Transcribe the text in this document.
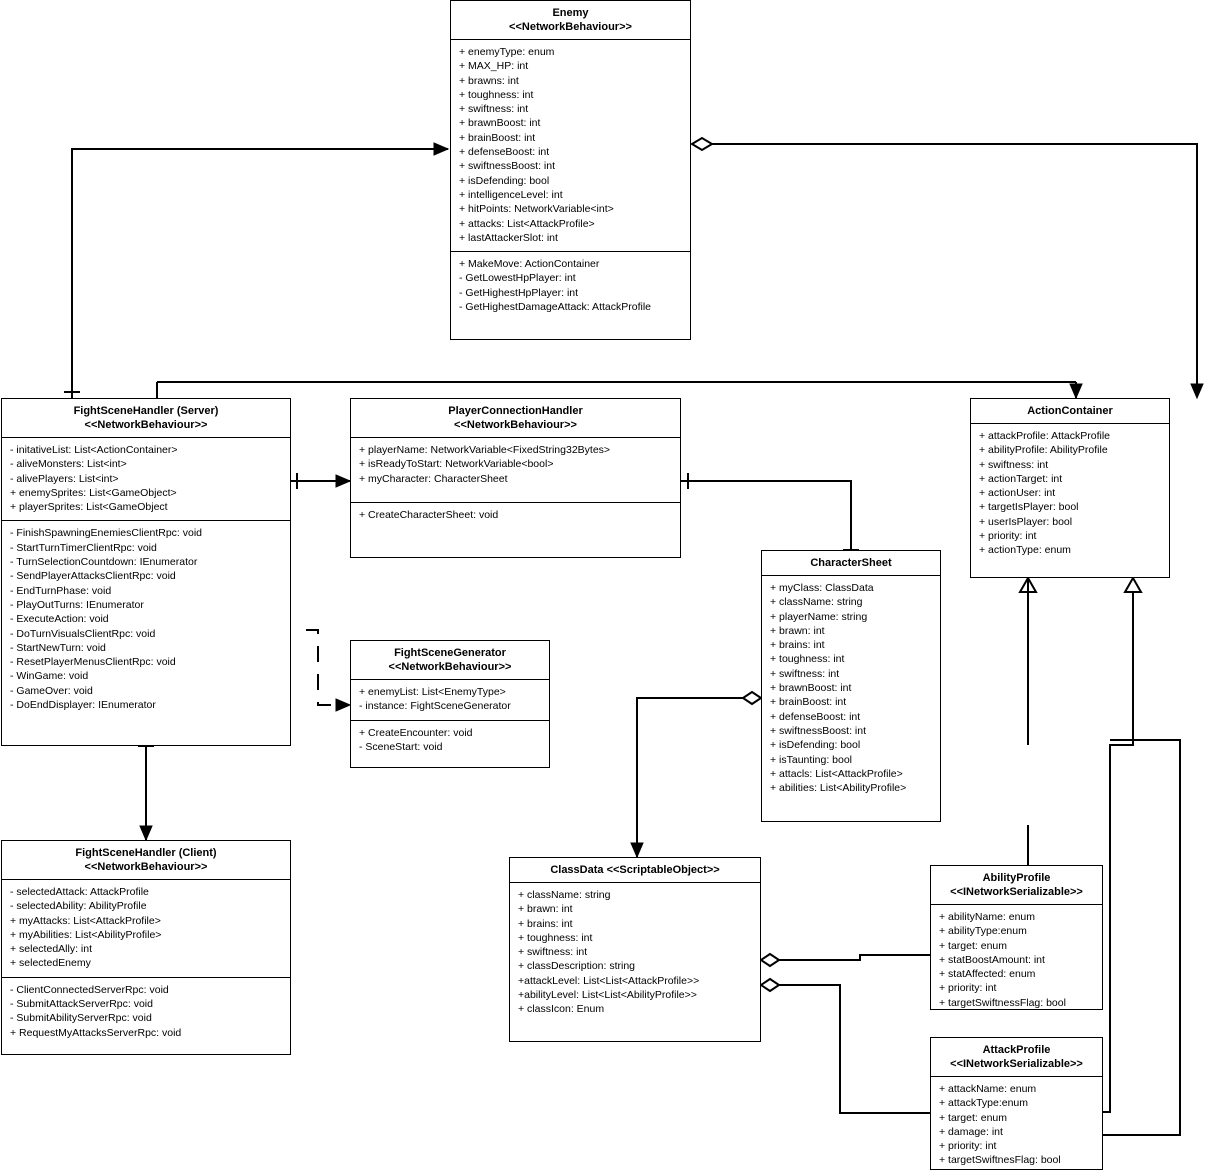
Enemy
<<NetworkBehaviour>>
+ enemyType: enum
+ MAX_HP: int
+ brawns: int
+ toughness: int
+ swiftness: int
+ brawnBoost: int
+ brainBoost: int
+ defenseBoost: int
+ swiftnessBoost: int
+ isDefending: bool
+ intelligenceLevel: int
+ hitPoints: NetworkVariable<int>
+ attacks: List<AttackProfile>
+ lastAttackerSlot: int
+ MakeMove: ActionContainer
- GetLowestHpPlayer: int
- GetHighestHpPlayer: int
- GetHighestDamageAttack: AttackProfile
FightSceneHandler (Server)
<<NetworkBehaviour>>
- initativeList: List<ActionContainer>
- aliveMonsters: List<int>
- alivePlayers: List<int>
+ enemySprites: List<GameObject>
+ playerSprites: List<GameObject
- FinishSpawningEnemiesClientRpc: void
- StartTurnTimerClientRpc: void
- TurnSelectionCountdown: IEnumerator
- SendPlayerAttacksClientRpc: void
- EndTurnPhase: void
- PlayOutTurns: IEnumerator
- ExecuteAction: void
- DoTurnVisualsClientRpc: void
- StartNewTurn: void
- ResetPlayerMenusClientRpc: void
- WinGame: void
- GameOver: void
- DoEndDisplayer: IEnumerator
PlayerConnectionHandler
<<NetworkBehaviour>>
+ playerName: NetworkVariable<FixedString32Bytes>
+ isReadyToStart: NetworkVariable<bool>
+ myCharacter: CharacterSheet
+ CreateCharacterSheet: void
ActionContainer
+ attackProfile: AttackProfile
+ abilityProfile: AbilityProfile
+ swiftness: int
+ actionTarget: int
+ actionUser: int
+ targetIsPlayer: bool
+ userIsPlayer: bool
+ priority: int
+ actionType: enum
CharacterSheet
+ myClass: ClassData
+ className: string
+ playerName: string
+ brawn: int
+ brains: int
+ toughness: int
+ swiftness: int
+ brawnBoost: int
+ brainBoost: int
+ defenseBoost: int
+ swiftnessBoost: int
+ isDefending: bool
+ isTaunting: bool
+ attacls: List<AttackProfile>
+ abilities: List<AbilityProfile>
FightSceneGenerator
<<NetworkBehaviour>>
+ enemyList: List<EnemyType>
- instance: FightSceneGenerator
+ CreateEncounter: void
- SceneStart: void
FightSceneHandler (Client)
<<NetworkBehaviour>>
- selectedAttack: AttackProfile
- selectedAbility: AbilityProfile
+ myAttacks: List<AttackProfile>
+ myAbilities: List<AbilityProfile>
+ selectedAlly: int
+ selectedEnemy
- ClientConnectedServerRpc: void
- SubmitAttackServerRpc: void
- SubmitAbilityServerRpc: void
+ RequestMyAttacksServerRpc: void
ClassData <<ScriptableObject>>
+ className: string
+ brawn: int
+ brains: int
+ toughness: int
+ swiftness: int
+ classDescription: string
+attackLevel: List<List<AttackProfile>>
+abilityLevel: List<List<AbilityProfile>>
+ classIcon: Enum
AbilityProfile
<<INetworkSerializable>>
+ abilityName: enum
+ abilityType:enum
+ target: enum
+ statBoostAmount: int
+ statAffected: enum
+ priority: int
+ targetSwiftnessFlag: bool
AttackProfile
<<INetworkSerializable>>
+ attackName: enum
+ attackType:enum
+ target: enum
+ damage: int
+ priority: int
+ targetSwiftnesFlag: bool
